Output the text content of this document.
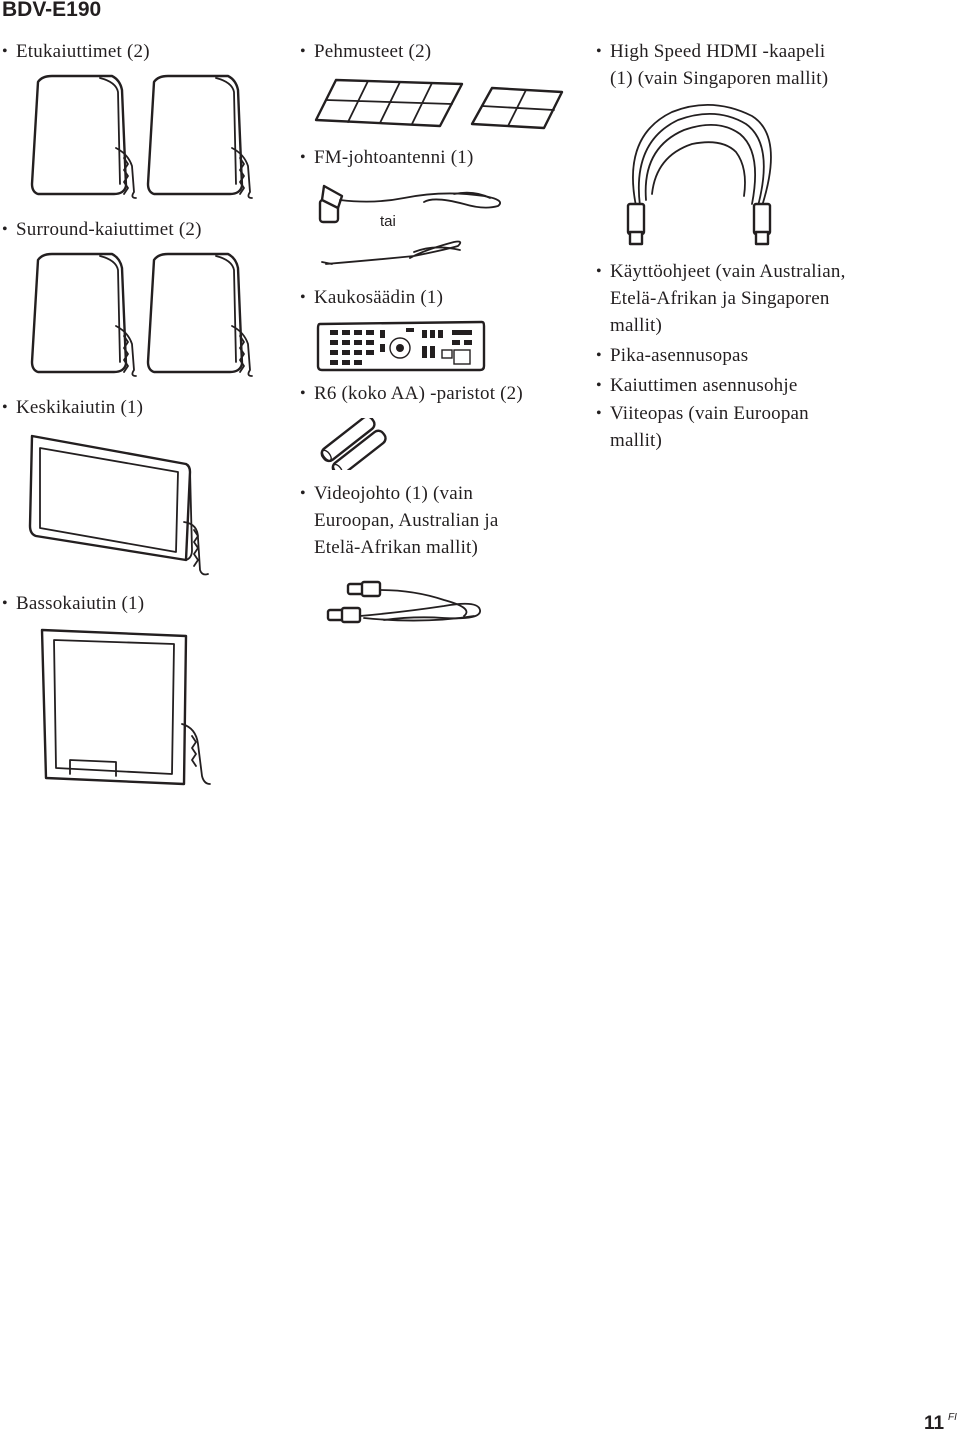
BDV-E190
• Etukaiuttimet (2)
• Surround-kaiuttimet (2)
• Keskikaiutin (1)
• Bassokaiutin (1)
• Pehmusteet (2)
• FM-johtoantenni (1)
tai
• Kaukosäädin (1)
• R6 (koko AA) -paristot (2)
• Videojohto (1) (vain
Euroopan, Australian ja
Etelä-Afrikan mallit)
• High Speed HDMI -kaapeli
(1) (vain Singaporen mallit)
• Käyttöohjeet (vain Australian,
Etelä-Afrikan ja Singaporen
mallit)
• Pika-asennusopas
• Kaiuttimen asennusohje
• Viiteopas (vain Euroopan
mallit)
11 FI
